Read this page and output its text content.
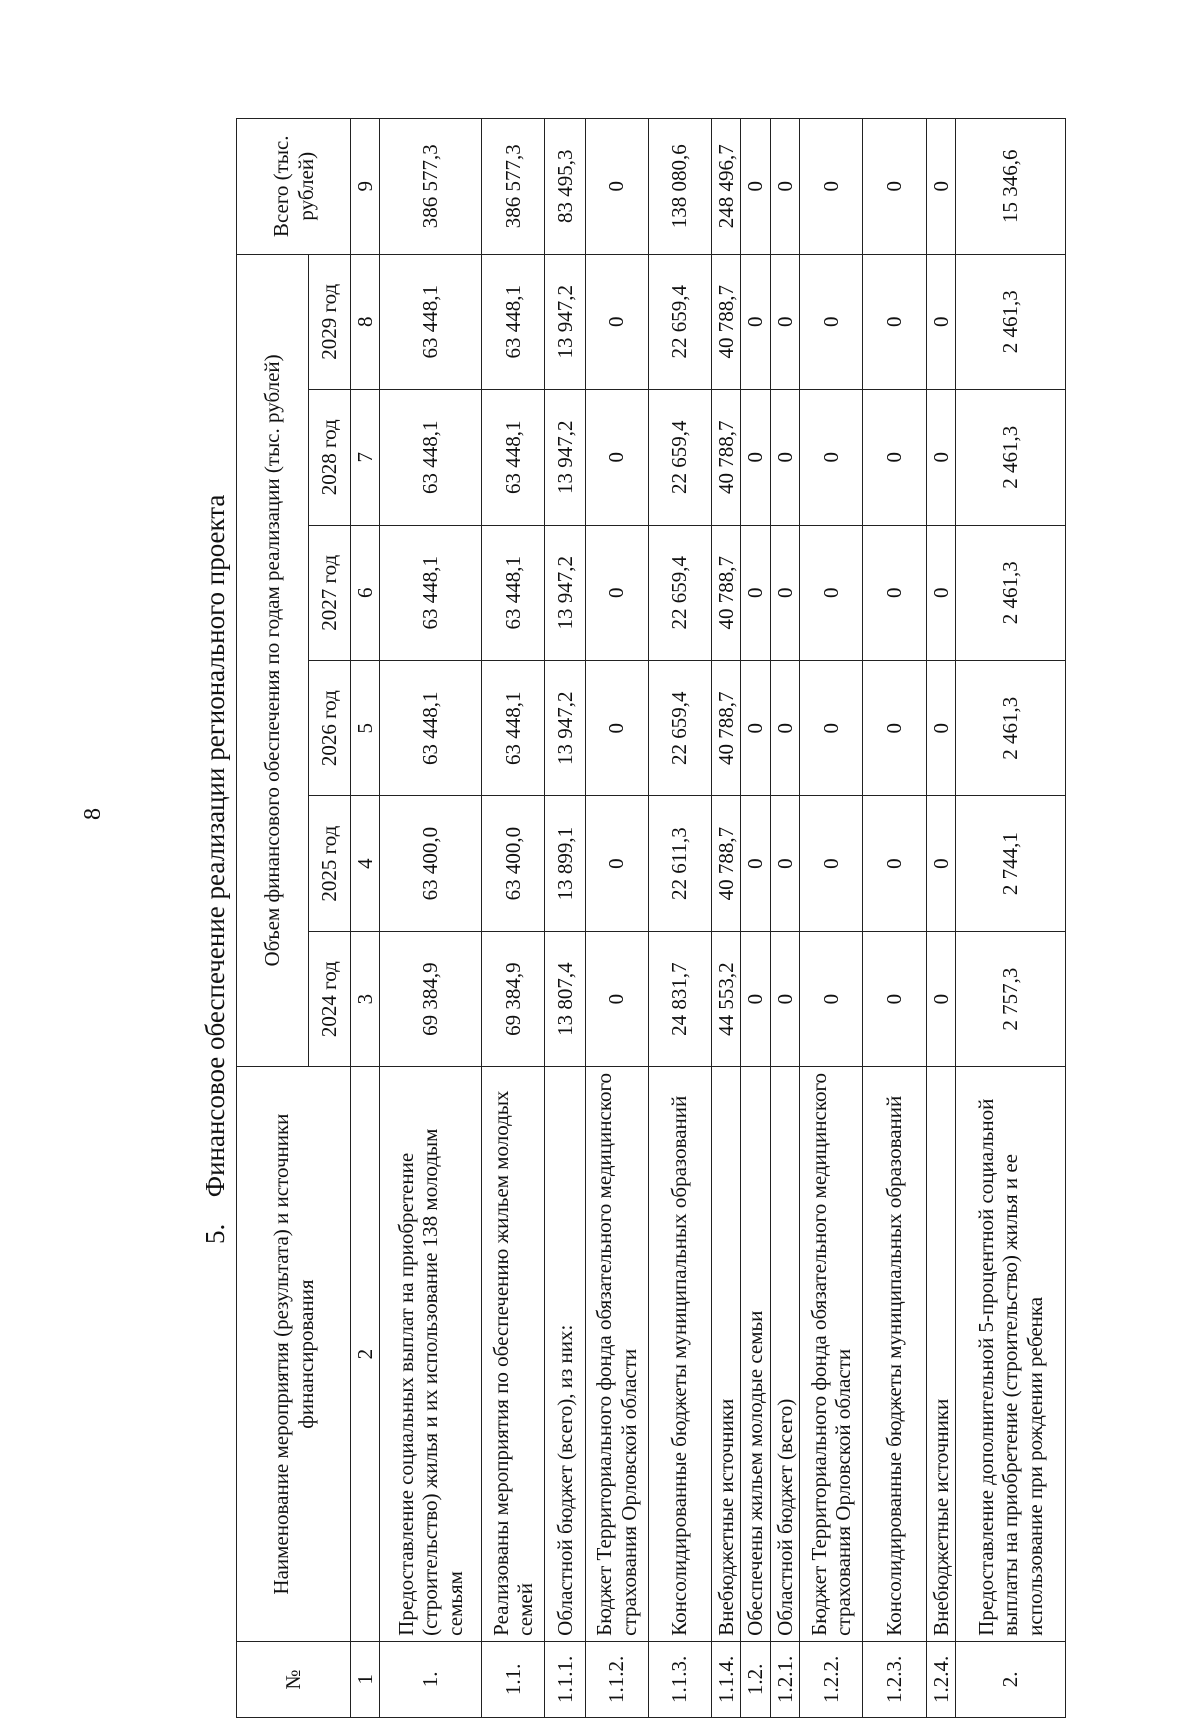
8
5. Финансовое обеспечение реализации регионального проекта
№	Наименование мероприятия (результата) и источники финансирования	Объем финансового обеспечения по годам реализации (тыс. рублей)						Всего (тыс. рублей)
		2024 год	2025 год	2026 год	2027 год	2028 год	2029 год	
1	2	3	4	5	6	7	8	9
1.	Предоставление социальных выплат на приобретение (строительство) жилья и их использование 138 молодым семьям	69 384,9	63 400,0	63 448,1	63 448,1	63 448,1	63 448,1	386 577,3
1.1.	Реализованы мероприятия по обеспечению жильем молодых семей	69 384,9	63 400,0	63 448,1	63 448,1	63 448,1	63 448,1	386 577,3
1.1.1.	Областной бюджет (всего), из них:	13 807,4	13 899,1	13 947,2	13 947,2	13 947,2	13 947,2	83 495,3
1.1.2.	Бюджет Территориального фонда обязательного медицинского страхования Орловской области	0	0	0	0	0	0	0
1.1.3.	Консолидированные бюджеты муниципальных образований	24 831,7	22 611,3	22 659,4	22 659,4	22 659,4	22 659,4	138 080,6
1.1.4.	Внебюджетные источники	44 553,2	40 788,7	40 788,7	40 788,7	40 788,7	40 788,7	248 496,7
1.2.	Обеспечены жильем молодые семьи	0	0	0	0	0	0	0
1.2.1.	Областной бюджет (всего)	0	0	0	0	0	0	0
1.2.2.	Бюджет Территориального фонда обязательного медицинского страхования Орловской области	0	0	0	0	0	0	0
1.2.3.	Консолидированные бюджеты муниципальных образований	0	0	0	0	0	0	0
1.2.4.	Внебюджетные источники	0	0	0	0	0	0	0
2.	Предоставление дополнительной 5-процентной социальной выплаты на приобретение (строительство) жилья и ее использование при рождении ребенка	2 757,3	2 744,1	2 461,3	2 461,3	2 461,3	2 461,3	15 346,6
